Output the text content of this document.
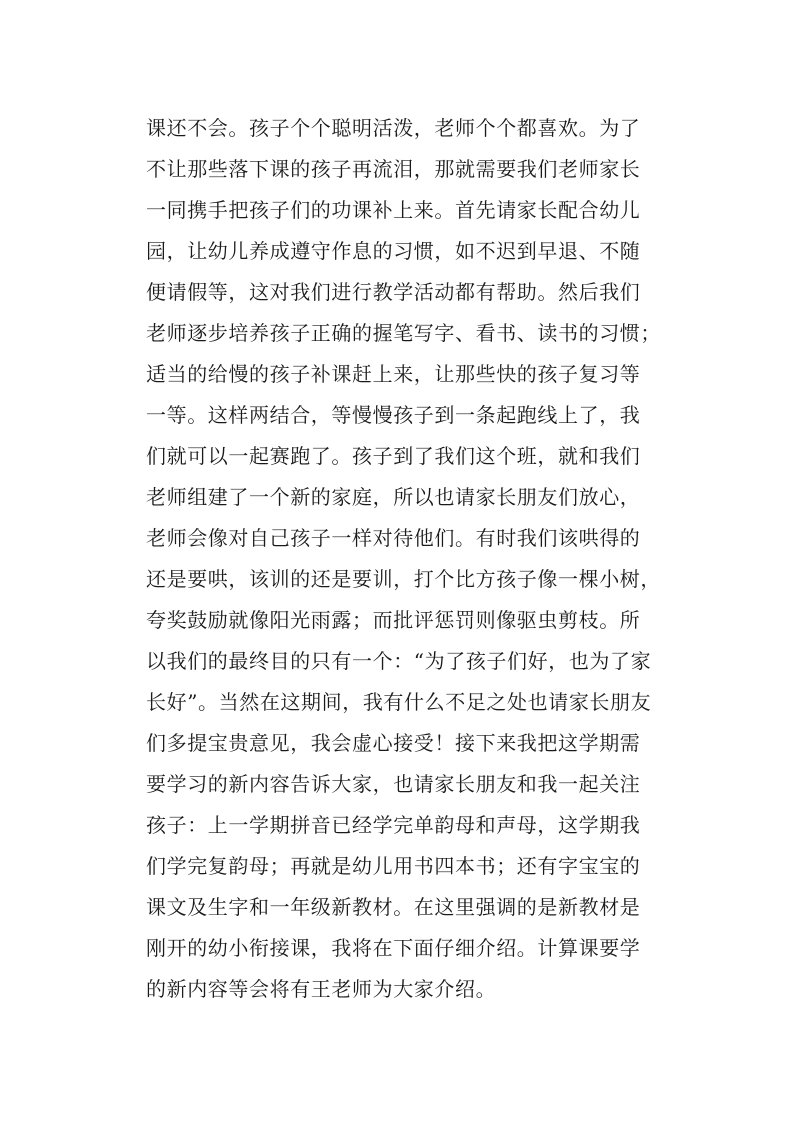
课还不会。孩子个个聪明活泼，老师个个都喜欢。为了
不让那些落下课的孩子再流泪，那就需要我们老师家长
一同携手把孩子们的功课补上来。首先请家长配合幼儿
园，让幼儿养成遵守作息的习惯，如不迟到早退、不随
便请假等，这对我们进行教学活动都有帮助。然后我们
老师逐步培养孩子正确的握笔写字、看书、读书的习惯；
适当的给慢的孩子补课赶上来，让那些快的孩子复习等
一等。这样两结合，等慢慢孩子到一条起跑线上了，我
们就可以一起赛跑了。孩子到了我们这个班，就和我们
老师组建了一个新的家庭，所以也请家长朋友们放心，
老师会像对自己孩子一样对待他们。有时我们该哄得的
还是要哄，该训的还是要训，打个比方孩子像一棵小树，
夸奖鼓励就像阳光雨露；而批评惩罚则像驱虫剪枝。所
以我们的最终目的只有一个：“为了孩子们好，也为了家
长好”。当然在这期间，我有什么不足之处也请家长朋友
们多提宝贵意见，我会虚心接受！接下来我把这学期需
要学习的新内容告诉大家，也请家长朋友和我一起关注
孩子：上一学期拼音已经学完单韵母和声母，这学期我
们学完复韵母；再就是幼儿用书四本书；还有字宝宝的
课文及生字和一年级新教材。在这里强调的是新教材是
刚开的幼小衔接课，我将在下面仔细介绍。计算课要学
的新内容等会将有王老师为大家介绍。
